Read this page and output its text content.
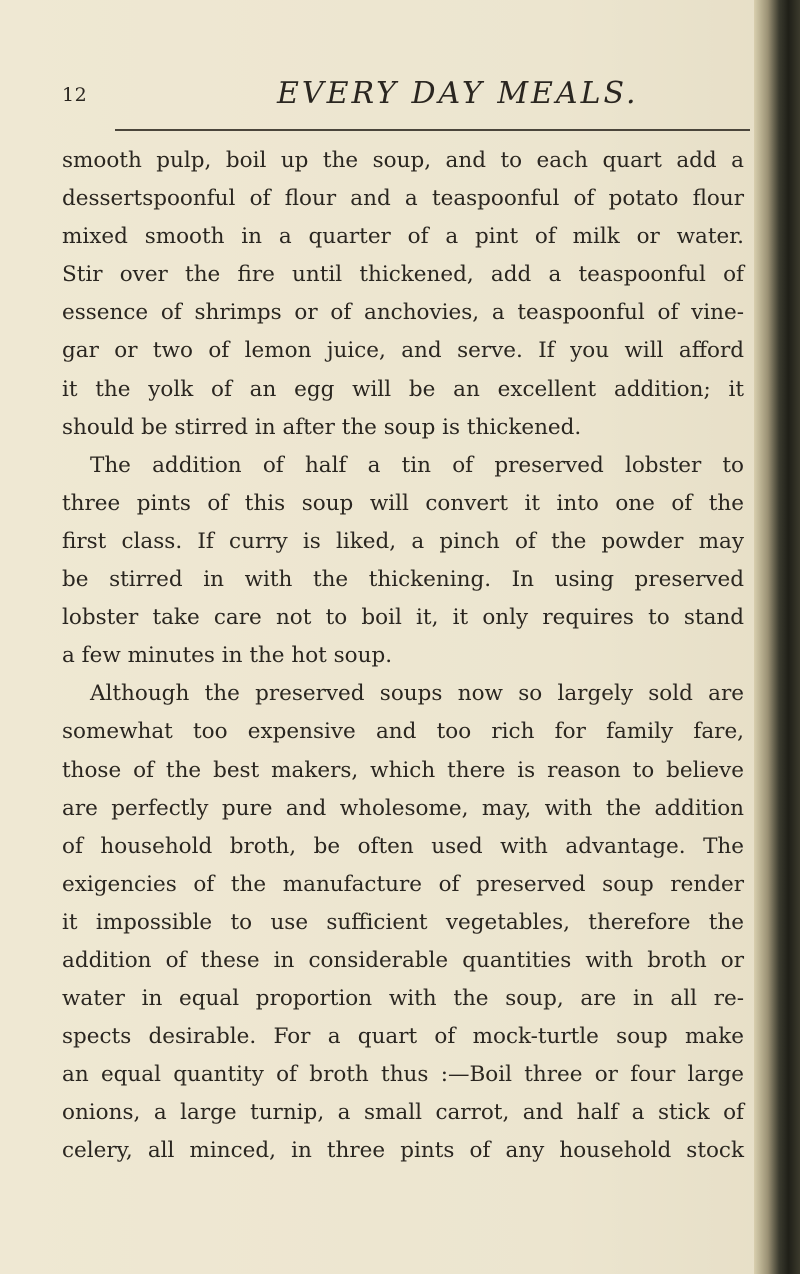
12	EVERY DAY MEALS.
smooth pulp, boil up the soup, and to each quart add a
dessertspoonful of flour and a teaspoonful of potato flour
mixed smooth in a quarter of a pint of milk or water.
Stir over the fire until thickened, add a teaspoonful of
essence of shrimps or of anchovies, a teaspoonful of vine-
gar or two of lemon juice, and serve. If you will afford
it the yolk of an egg will be an excellent addition; it
should be stirred in after the soup is thickened.
The addition of half a tin of preserved lobster to
three pints of this soup will convert it into one of the
first class. If curry is liked, a pinch of the powder may
be stirred in with the thickening. In using preserved
lobster take care not to boil it, it only requires to stand
a few minutes in the hot soup.
Although the preserved soups now so largely sold are
somewhat too expensive and too rich for family fare,
those of the best makers, which there is reason to believe
are perfectly pure and wholesome, may, with the addition
of household broth, be often used with advantage. The
exigencies of the manufacture of preserved soup render
it impossible to use sufficient vegetables, therefore the
addition of these in considerable quantities with broth or
water in equal proportion with the soup, are in all re-
spects desirable. For a quart of mock-turtle soup make
an equal quantity of broth thus :—Boil three or four large
onions, a large turnip, a small carrot, and half a stick of
celery, all minced, in three pints of any household stock
